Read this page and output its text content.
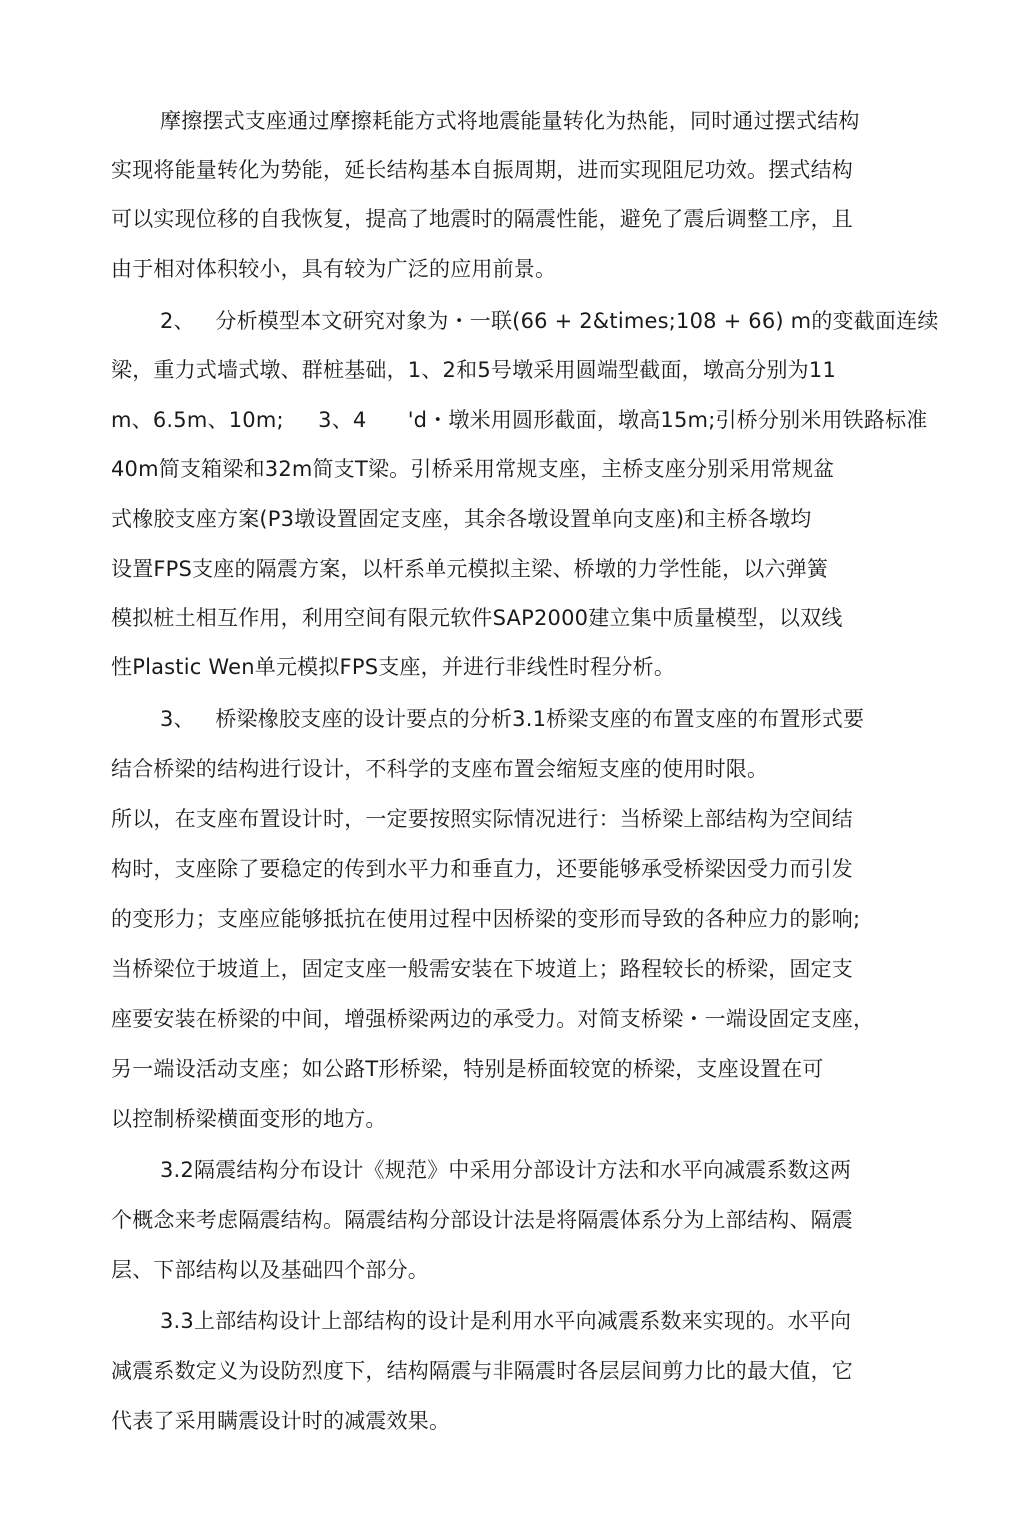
摩擦摆式支座通过摩擦耗能方式将地震能量转化为热能，同时通过摆式结构
实现将能量转化为势能，延长结构基本自振周期，进而实现阻尼功效。摆式结构
可以实现位移的自我恢复，提高了地震时的隔震性能，避免了震后调整工序，且
由于相对体积较小，具有较为广泛的应用前景。
2、   分析模型本文研究对象为・一联(66 + 2&times;108 + 66) m的变截面连续
梁，重力式墙式墩、群桩基础，1、2和5号墩采用圆端型截面，墩高分别为11
m、6.5m、10m;     3、4      'd・墩米用圆形截面，墩高15m;引桥分别米用铁路标准
40m简支箱梁和32m简支T梁。引桥采用常规支座，主桥支座分别采用常规盆
式橡胶支座方案(P3墩设置固定支座，其余各墩设置单向支座)和主桥各墩均
设置FPS支座的隔震方案，以杆系单元模拟主梁、桥墩的力学性能，以六弹簧
模拟桩土相互作用，利用空间有限元软件SAP2000建立集中质量模型，以双线
性Plastic Wen单元模拟FPS支座，并进行非线性时程分析。
3、   桥梁橡胶支座的设计要点的分析3.1桥梁支座的布置支座的布置形式要
结合桥梁的结构进行设计，不科学的支座布置会缩短支座的使用时限。
所以，在支座布置设计时，一定要按照实际情况进行：当桥梁上部结构为空间结
构时，支座除了要稳定的传到水平力和垂直力，还要能够承受桥梁因受力而引发
的变形力；支座应能够抵抗在使用过程中因桥梁的变形而导致的各种应力的影响;
当桥梁位于坡道上，固定支座一般需安装在下坡道上；路程较长的桥梁，固定支
座要安装在桥梁的中间，增强桥梁两边的承受力。对简支桥梁・一端设固定支座，
另一端设活动支座；如公路T形桥梁，特别是桥面较宽的桥梁，支座设置在可
以控制桥梁横面变形的地方。
3.2隔震结构分布设计《规范》中采用分部设计方法和水平向减震系数这两
个概念来考虑隔震结构。隔震结构分部设计法是将隔震体系分为上部结构、隔震
层、下部结构以及基础四个部分。
3.3上部结构设计上部结构的设计是利用水平向减震系数来实现的。水平向
减震系数定义为设防烈度下，结构隔震与非隔震时各层层间剪力比的最大值，它
代表了采用瞒震设计时的减震效果。
